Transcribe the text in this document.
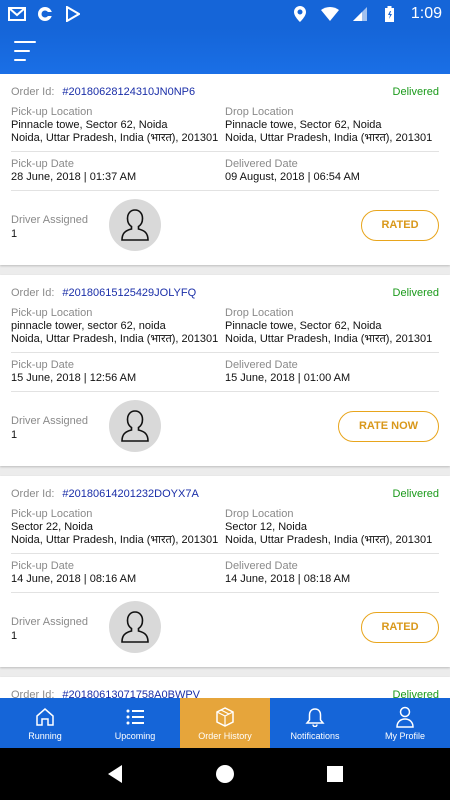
1:09
Order Id: #20180628124310JN0NP6	Delivered
Pick-up Location
Pinnacle towe, Sector 62, Noida
Noida, Uttar Pradesh, India (भारत), 201301
Drop Location
Pinnacle towe, Sector 62, Noida
Noida, Uttar Pradesh, India (भारत), 201301
Pick-up Date
28 June, 2018 | 01:37 AM
Delivered Date
09 August, 2018 | 06:54 AM
Driver Assigned
1
RATED
Order Id: #20180615125429JOLYFQ	Delivered
Pick-up Location
pinnacle tower, sector 62, noida
Noida, Uttar Pradesh, India (भारत), 201301
Drop Location
Pinnacle towe, Sector 62, Noida
Noida, Uttar Pradesh, India (भारत), 201301
Pick-up Date
15 June, 2018 | 12:56 AM
Delivered Date
15 June, 2018 | 01:00 AM
Driver Assigned
1
RATE NOW
Order Id: #20180614201232DOYX7A	Delivered
Pick-up Location
Sector 22, Noida
Noida, Uttar Pradesh, India (भारत), 201301
Drop Location
Sector 12, Noida
Noida, Uttar Pradesh, India (भारत), 201301
Pick-up Date
14 June, 2018 | 08:16 AM
Delivered Date
14 June, 2018 | 08:18 AM
Driver Assigned
1
RATED
Order Id: #20180613071758A0BWPV	Delivered
Running	Upcoming	Order History	Notifications	My Profile
